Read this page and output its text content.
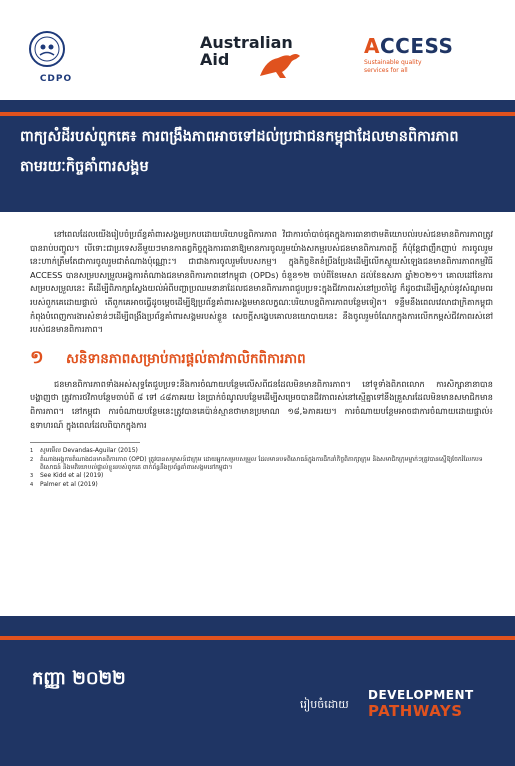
CDPO
Australian
Aid
ACCESS
Sustainable quality
services for all
ពាក្យសំដីរបស់ពួកគេ៖ ការពង្រឹងភាពអាចទៅដល់ប្រជាជនកម្ពុជាដែលមានពិការភាព តាមរយៈកិច្ចគាំពារសង្គម

នៅពេលដែលយើងរៀបចំប្រព័ន្ធគាំពារសង្គមប្រកបដោយបរិយាបន្នពិការភាព វិជាការចាំបាច់ផុតក្នុងការធានាថាមតិយោបល់របស់ជនមានពិការភាពត្រូវបានរាប់បញ្ចូល។ បើទោះជាប្រទេសនីមួយៗមានកាតព្វកិច្ចក្នុងការធានាឱ្យមានការចូលរួមយ៉ាងសកម្មរបស់ជនមានពិការភាពក្តី ក៏ប៉ុន្តែជាញឹកញាប់ ការចូលរួមនេះហាក់ត្រឹមតែជាការចូលរួមជាតំណាងប៉ុណ្ណោះ។ ជាជាងការចូលរួមបែបសកម្ម។ ក្នុងកិច្ចខិតខំប្រឹងប្រែងដើម្បីលើកស្ទួយសំឡេងជនមានពិការភាពកម្មវិធី ACCESS បានសម្របសម្រួលអង្គការតំណាងជនមានពិការភាពនៅកម្ពុជា (OPDs) ចំនួន១២ ចាប់ពីខែមេសា ដល់ខែឧសភា ឆ្នាំ២០២១។ គោលដៅនៃការសម្របសម្រួលនេះ គឺដើម្បីពិភាក្សាស្វែងយល់អំពីបញ្ហាប្រឈមនានាដែលជនមានពិការភាពជួបប្រទះក្នុងជីវភាពរស់នៅប្រចាំថ្ងៃ ក៏ដូចជាដើម្បីស្តាប់នូវសំណូមពររបស់ពួកគេដោយផ្ទាល់ តើពួកគេអាចធ្វើដូចម្តេចដើម្បីឱ្យប្រព័ន្ធគាំពារសង្គមមានលក្ខណៈបរិយាបន្នពិការភាពបន្ថែមទៀត។ ទន្ទឹមនឹងពេលវេលាជាក្រិតាកម្ពុជាកំពុងបំពេញការងារសំខាន់ៗដើម្បីពង្រឹងប្រព័ន្ធគាំពារសង្គមរបស់ខ្លួន សេចក្តីសង្ខេបគោលនយោបាយនេះ នឹងចូលរួមចំណែកក្នុងការលើកកម្ពស់ជីវភាពរស់នៅរបស់ជនមានពិការភាព។

១	សនិទានភាពសម្រាប់ការផ្តល់តាវកាលិកពិការភាព

ជនមានពិការភាពទាំងអស់សុទ្ធតែជួបប្រទះនឹងការចំណាយបន្ថែមលើសពីជនដែលមិនមានពិការភាព។ នៅទូទាំងពិភពលោក ការសិក្សានានាបានបង្ហាញថា ត្រូវការថវិកាបន្ថែមចាប់ពី ៨ ទៅ ៤៨ភាគរយ នៃប្រាក់ចំណូលបន្ថែមដើម្បីសម្រេចបានជីវភាពរស់នៅស្មើគ្នាទៅនឹងគ្រួសារដែលមិនមានសមាជិកមានពិការភាព។ នៅកម្ពុជា ការចំណាយបន្ថែមនេះត្រូវបានគេប៉ាន់ស្មានថាមានប្រមាណ ១៨,៦ភាគរយ។ ការចំណាយបន្ថែមអាចជាការចំណាយដោយផ្ទាល់៖ ឧទាហរណ៍ ក្នុងពេលដែលពិបាកក្នុងការ

1	សូមមើល Devandas-Aguilar (2015)

2	តំណាងអង្គការតំណាងជនមានពិការភាព (OPD) ត្រូវបានសម្ភាសន៍ជាក្រុម ដោយអ្នកសម្របសម្រួល ដែលមានបទពិសោធន៍ក្នុងការដឹកនាំកិច្ចពិភាក្សាក្រុម និងសមាជិកក្រុមម្នាក់ៗត្រូវបានស្នើឱ្យចែករំលែកបទពិសោធន៍ និងមតិយោបល់ផ្ទាល់ខ្លួនរបស់ពួកគេ ពាក់ព័ន្ធនឹងប្រព័ន្ធគាំពារសង្គមនៅកម្ពុជា។

3	See Kidd et al (2019)

4	Palmer et al (2019)

កញ្ញា ២០២២
រៀបចំដោយ
DEVELOPMENT
PATHWAYS
